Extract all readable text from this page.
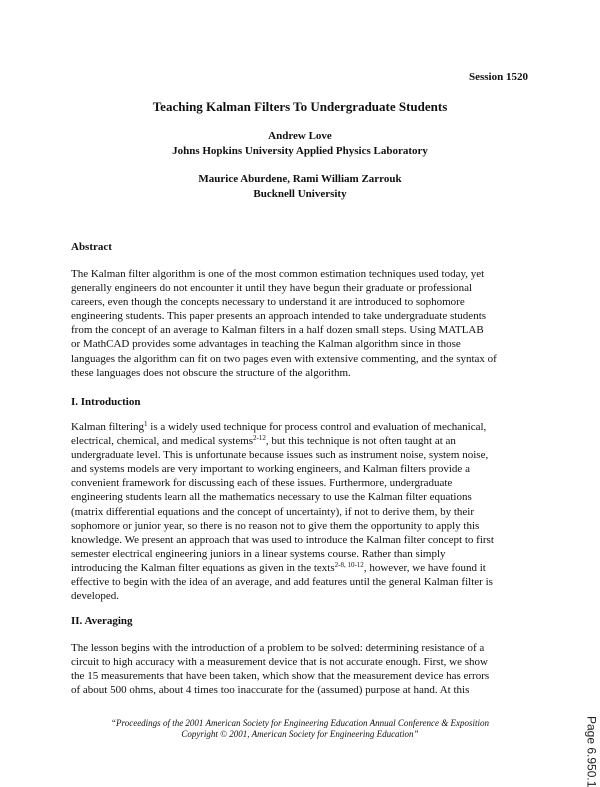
Session 1520
Teaching Kalman Filters To Undergraduate Students
Andrew Love
Johns Hopkins University Applied Physics Laboratory
Maurice Aburdene, Rami William Zarrouk
Bucknell University
Abstract
The Kalman filter algorithm is one of the most common estimation techniques used today, yet
generally engineers do not encounter it until they have begun their graduate or professional
careers, even though the concepts necessary to understand it are introduced to sophomore
engineering students. This paper presents an approach intended to take undergraduate students
from the concept of an average to Kalman filters in a half dozen small steps. Using MATLAB
or MathCAD provides some advantages in teaching the Kalman algorithm since in those
languages the algorithm can fit on two pages even with extensive commenting, and the syntax of
these languages does not obscure the structure of the algorithm.
I. Introduction
Kalman filtering$^1$ is a widely used technique for process control and evaluation of mechanical,
electrical, chemical, and medical systems$^{2-12}$, but this technique is not often taught at an
undergraduate level. This is unfortunate because issues such as instrument noise, system noise,
and systems models are very important to working engineers, and Kalman filters provide a
convenient framework for discussing each of these issues. Furthermore, undergraduate
engineering students learn all the mathematics necessary to use the Kalman filter equations
(matrix differential equations and the concept of uncertainty), if not to derive them, by their
sophomore or junior year, so there is no reason not to give them the opportunity to apply this
knowledge. We present an approach that was used to introduce the Kalman filter concept to first
semester electrical engineering juniors in a linear systems course. Rather than simply
introducing the Kalman filter equations as given in the texts$^{2-8, 10-12}$, however, we have found it
effective to begin with the idea of an average, and add features until the general Kalman filter is
developed.
II. Averaging
The lesson begins with the introduction of a problem to be solved: determining resistance of a
circuit to high accuracy with a measurement device that is not accurate enough. First, we show
the 15 measurements that have been taken, which show that the measurement device has errors
of about 500 ohms, about 4 times too inaccurate for the (assumed) purpose at hand. At this
“Proceedings of the 2001 American Society for Engineering Education Annual Conference & Exposition
Copyright © 2001, American Society for Engineering Education”	Page 6.950.1
